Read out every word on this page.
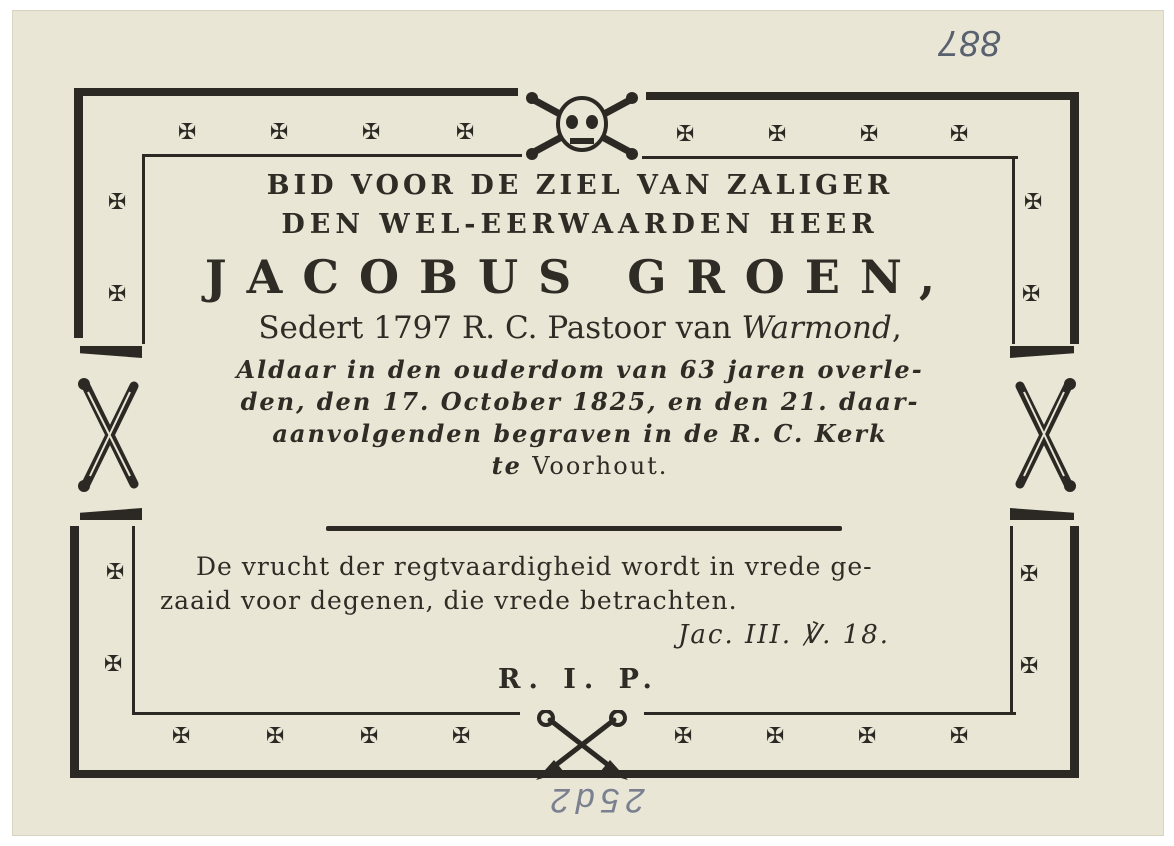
887
✠	✠	✠	✠	✠	✠	✠	✠
✠
✠
✠
✠
✠
✠
✠
✠
✠	✠	✠	✠	✠	✠	✠	✠
BID VOOR DE ZIEL VAN ZALIGER
DEN WEL-EERWAARDEN HEER
JACOBUS GROEN,
Sedert 1797 R. C. Pastoor van Warmond,
Aldaar in den ouderdom van 63 jaren overle-
den, den 17. October 1825, en den 21. daar-
aanvolgenden begraven in de R. C. Kerk
te Voorhout.
De vrucht der regtvaardigheid wordt in vrede ge-
zaaid voor degenen, die vrede betrachten.
Jac. III. ℣. 18.
R. I. P.
25d2
